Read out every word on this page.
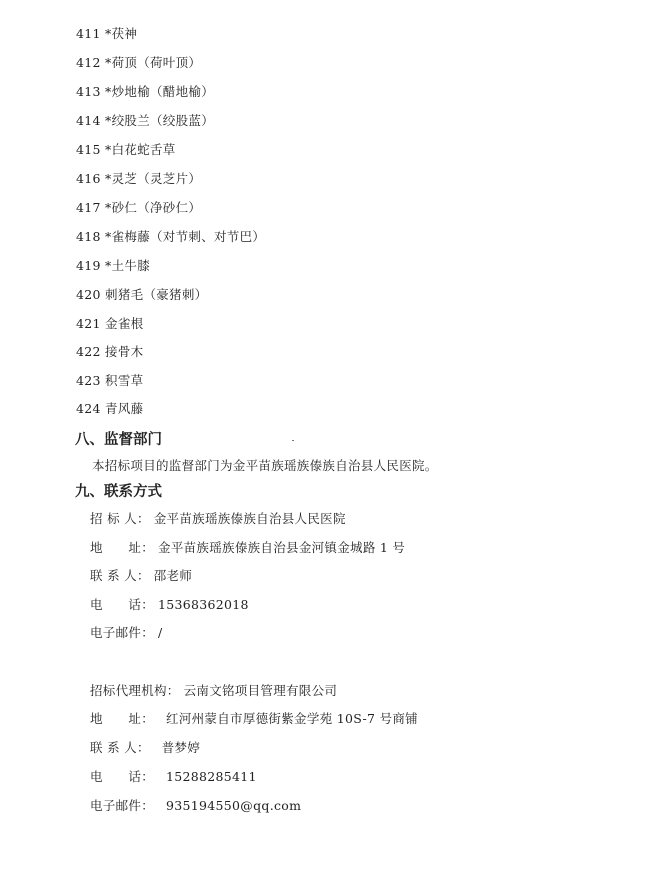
411 *茯神
412 *荷顶（荷叶顶）
413 *炒地榆（醋地榆）
414 *绞股兰（绞股蓝）
415 *白花蛇舌草
416 *灵芝（灵芝片）
417 *砂仁（净砂仁）
418 *雀梅藤（对节刺、对节巴）
419 *土牛膝
420 刺猪毛（豪猪刺）
421 金雀根
422 接骨木
423 积雪草
424 青风藤
八、监督部门
本招标项目的监督部门为金平苗族瑶族傣族自治县人民医院。
九、联系方式
招 标 人： 金平苗族瑶族傣族自治县人民医院
地　　址： 金平苗族瑶族傣族自治县金河镇金城路 1 号
联 系 人： 邵老师
电　　话： 15368362018
电子邮件： /
招标代理机构： 云南文铭项目管理有限公司
地　　址： 红河州蒙自市厚德街紫金学苑 10S-7 号商铺
联 系 人： 普梦婷
电　　话： 15288285411
电子邮件： 935194550@qq.com
